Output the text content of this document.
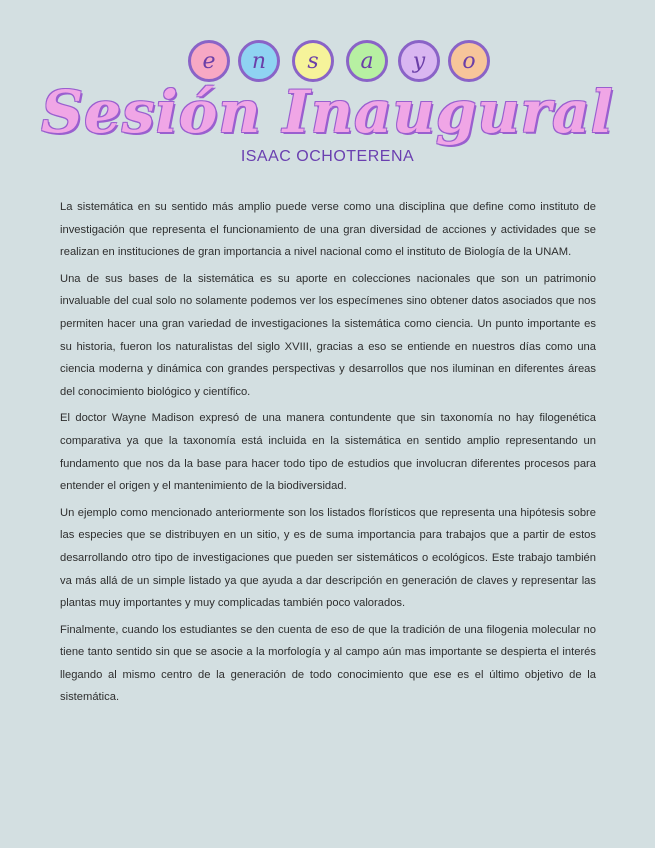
e	n	s	a	y	o
Sesión Inaugural
ISAAC OCHOTERENA

La sistemática en su sentido más amplio puede verse como una disciplina que define como instituto de investigación que representa el funcionamiento de una gran diversidad de acciones y actividades que se realizan en instituciones de gran importancia a nivel nacional como el instituto de Biología de la UNAM.

Una de sus bases de la sistemática es su aporte en colecciones nacionales que son un patrimonio invaluable del cual solo no solamente podemos ver los especímenes sino obtener datos asociados que nos permiten hacer una gran variedad de investigaciones la sistemática como ciencia. Un punto importante es su historia, fueron los naturalistas del siglo XVIII, gracias a eso se entiende en nuestros días como una ciencia moderna y dinámica con grandes perspectivas y desarrollos que nos iluminan en diferentes áreas del conocimiento biológico y científico.

El doctor Wayne Madison expresó de una manera contundente que sin taxonomía no hay filogenética comparativa ya que la taxonomía está incluida en la sistemática en sentido amplio representando un fundamento que nos da la base para hacer todo tipo de estudios que involucran diferentes procesos para entender el origen y el mantenimiento de la biodiversidad.

Un ejemplo como mencionado anteriormente son los listados florísticos que representa una hipótesis sobre las especies que se distribuyen en un sitio, y es de suma importancia para trabajos que a partir de estos desarrollando otro tipo de investigaciones que pueden ser sistemáticos o ecológicos. Este trabajo también va más allá de un simple listado ya que ayuda a dar descripción en generación de claves y representar las plantas muy importantes y muy complicadas también poco valorados.

Finalmente, cuando los estudiantes se den cuenta de eso de que la tradición de una filogenia molecular no tiene tanto sentido sin que se asocie a la morfología y al campo aún mas importante se despierta el interés llegando al mismo centro de la generación de todo conocimiento que ese es el último objetivo de la sistemática.
